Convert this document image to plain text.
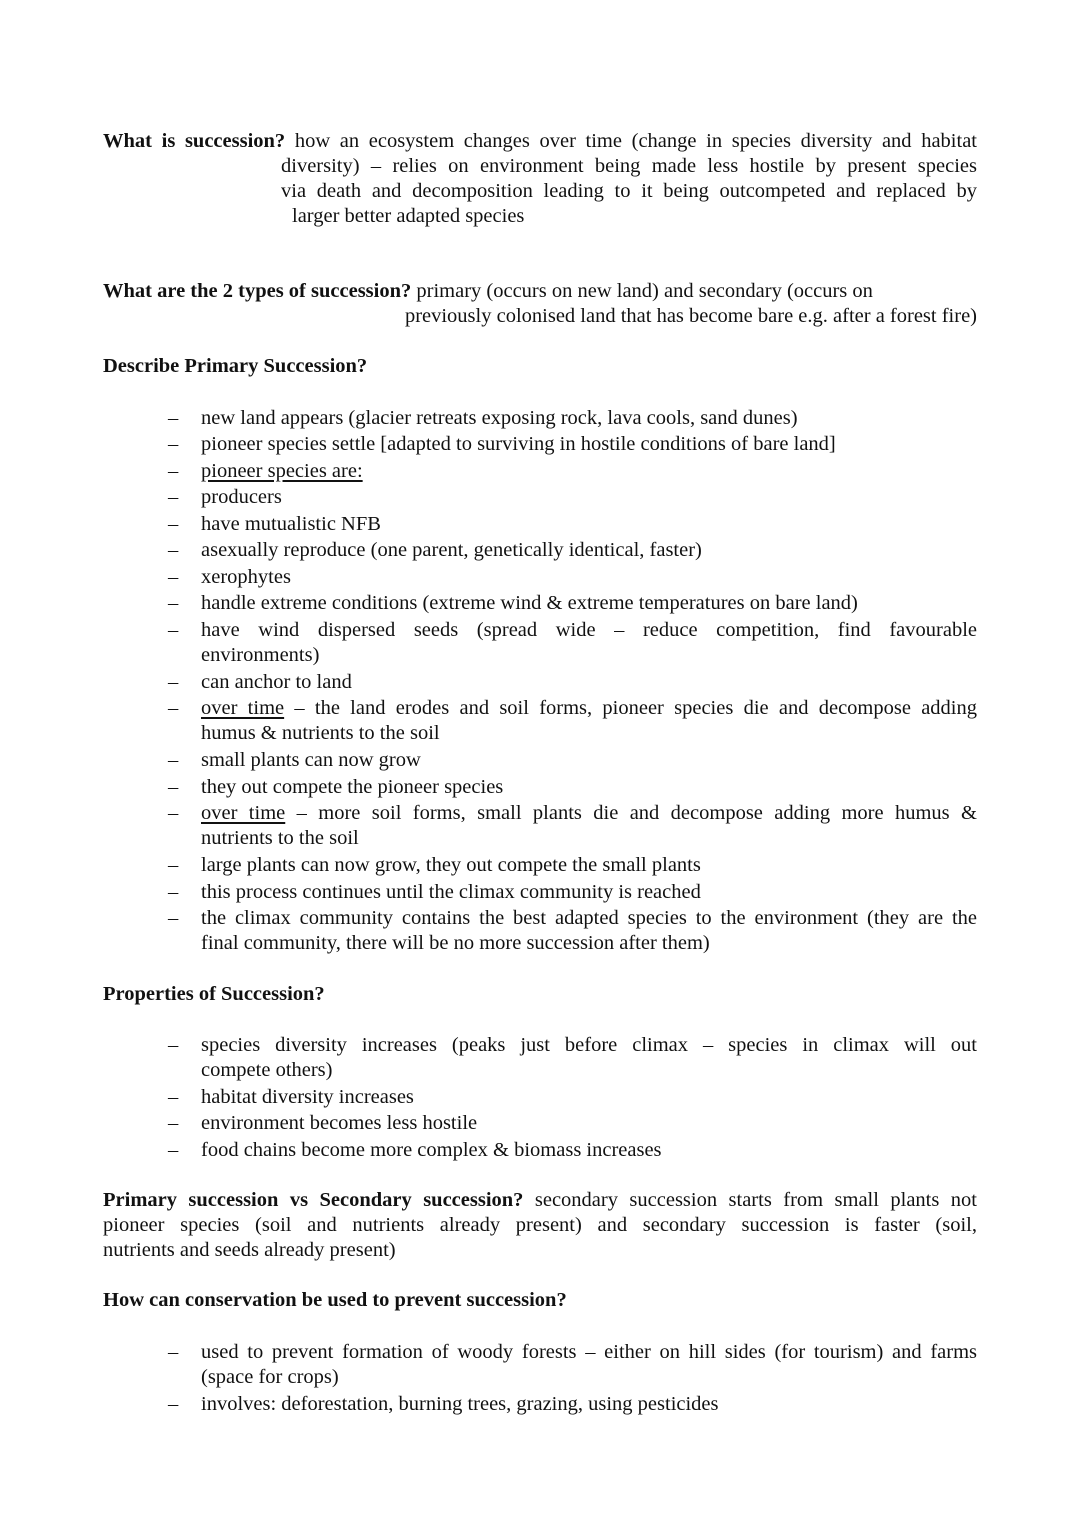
What is succession? how an ecosystem changes over time (change in species diversity and habitat
diversity) – relies on environment being made less hostile by present species
via death and decomposition leading to it being outcompeted and replaced by
larger better adapted species
What are the 2 types of succession? primary (occurs on new land) and secondary (occurs on
previously colonised land that has become bare e.g. after a forest fire)
Describe Primary Succession?
– new land appears (glacier retreats exposing rock, lava cools, sand dunes)
– pioneer species settle [adapted to surviving in hostile conditions of bare land]
– pioneer species are:
– producers
– have mutualistic NFB
– asexually reproduce (one parent, genetically identical, faster)
– xerophytes
– handle extreme conditions (extreme wind & extreme temperatures on bare land)
– have wind dispersed seeds (spread wide – reduce competition, find favourable
environments)
– can anchor to land
– over time – the land erodes and soil forms, pioneer species die and decompose adding
humus & nutrients to the soil
– small plants can now grow
– they out compete the pioneer species
– over time – more soil forms, small plants die and decompose adding more humus &
nutrients to the soil
– large plants can now grow, they out compete the small plants
– this process continues until the climax community is reached
– the climax community contains the best adapted species to the environment (they are the
final community, there will be no more succession after them)
Properties of Succession?
– species diversity increases (peaks just before climax – species in climax will out
compete others)
– habitat diversity increases
– environment becomes less hostile
– food chains become more complex & biomass increases
Primary succession vs Secondary succession? secondary succession starts from small plants not
pioneer species (soil and nutrients already present) and secondary succession is faster (soil,
nutrients and seeds already present)
How can conservation be used to prevent succession?
– used to prevent formation of woody forests – either on hill sides (for tourism) and farms
(space for crops)
– involves: deforestation, burning trees, grazing, using pesticides
